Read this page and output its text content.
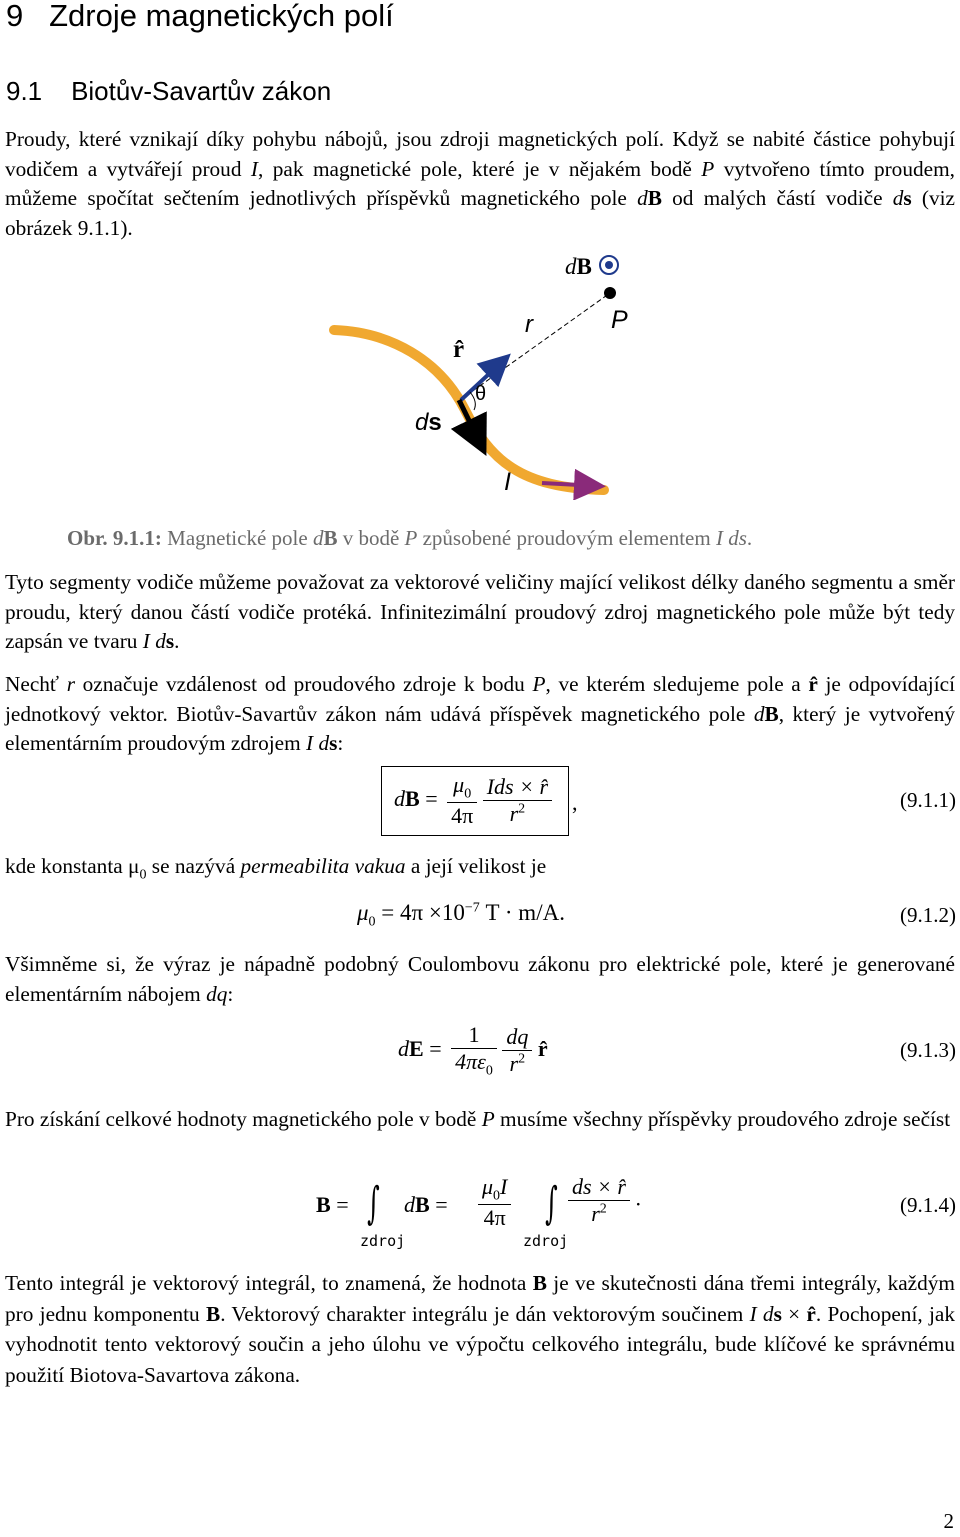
9 Zdroje magnetických polí
9.1 Biotův-Savartův zákon

Proudy, které vznikají díky pohybu nábojů, jsou zdroji magnetických polí. Když se nabité částice pohybují vodičem a vytvářejí proud I, pak magnetické pole, které je v nějakém bodě P vytvořeno tímto proudem, můžeme spočítat sečtením jednotlivých příspěvků magnetického pole dB od malých částí vodiče ds (viz obrázek 9.1.1).

dB
r	P
r̂
θ
ds
I
Obr. 9.1.1: Magnetické pole dB v bodě P způsobené proudovým elementem I ds.

Tyto segmenty vodiče můžeme považovat za vektorové veličiny mající velikost délky daného segmentu a směr proudu, který danou částí vodiče protéká. Infinitezimální proudový zdroj magnetického pole může být tedy zapsán ve tvaru I ds.

Nechť r označuje vzdálenost od proudového zdroje k bodu P, ve kterém sledujeme pole a r̂ je odpovídající jednotkový vektor. Biotův-Savartův zákon nám udává příspěvek magnetického pole dB, který je vytvořený elementárním proudovým zdrojem I ds:

dB = $\frac{\mu_0}{4\pi}$
$\frac{\text{Ids × r̂}}{r^2}$ ,	(9.1.1)

kde konstanta $\mu_0$ se nazývá permeabilita vakua a její velikost je

$\mu_0 = 4\pi \times 10^{-7}$ T · m/A.	(9.1.2)

Všimněme si, že výraz je nápadně podobný Coulombovu zákonu pro elektrické pole, které je generované elementárním nábojem dq:

dE = $\frac{1}{4\pi\varepsilon_0}$
$\frac{dq}{r^2}$ r̂	(9.1.3)

Pro získání celkové hodnoty magnetického pole v bodě P musíme všechny příspěvky proudového zdroje sečíst

B = ∫
zdroj
dB = $\frac{\mu_0I}{4\pi}$ ∫
zdroj
$\frac{ds \times r̂}{r^2}$ .	(9.1.4)

Tento integrál je vektorový integrál, to znamená, že hodnota B je ve skutečnosti dána třemi integrály, každým pro jednu komponentu B. Vektorový charakter integrálu je dán vektorovým součinem I ds × r̂. Pochopení, jak vyhodnotit tento vektorový součin a jeho úlohu ve výpočtu celkového integrálu, bude klíčové ke správnému použití Biotova-Savartova zákona.

2
